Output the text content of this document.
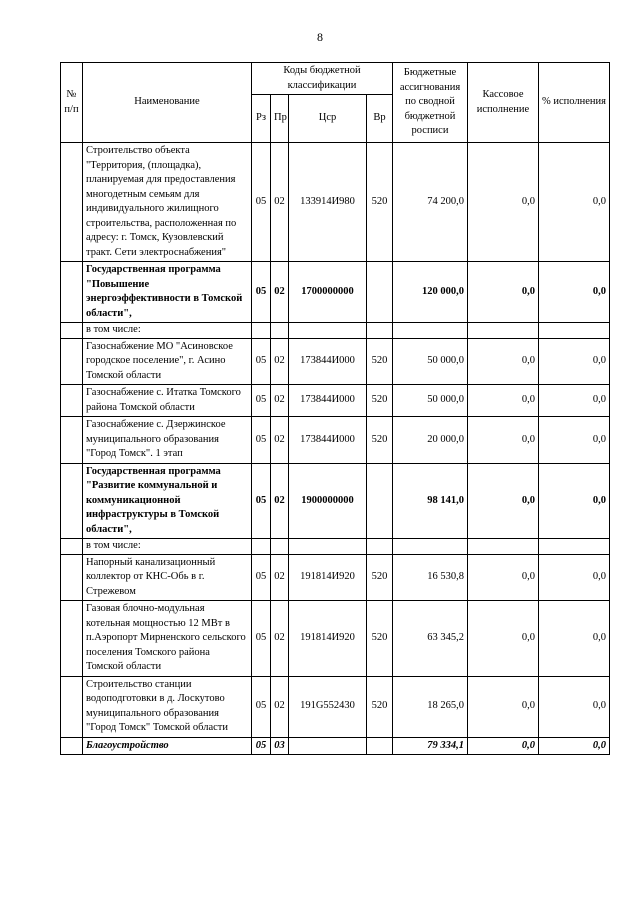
8
№ п/п	Наименование	Коды бюджетной классификации				Бюджетные ассигнования по сводной бюджетной росписи	Кассовое исполнение	% исполнения
		Рз	Пр	Цср	Вр			
	Строительство объекта "Территория, (площадка), планируемая для предоставления многодетным семьям для индивидуального жилищного строительства, расположенная по адресу: г. Томск, Кузовлевский тракт. Сети электроснабжения"	05	02	133914И980	520	74 200,0	0,0	0,0
	Государственная программа "Повышение энергоэффективности в Томской области",	05	02	1700000000		120 000,0	0,0	0,0
	в том числе:							
	Газоснабжение МО "Асиновское городское поселение", г. Асино Томской области	05	02	173844И000	520	50 000,0	0,0	0,0
	Газоснабжение с. Итатка Томского района Томской области	05	02	173844И000	520	50 000,0	0,0	0,0
	Газоснабжение с. Дзержинское муниципального образования "Город Томск". 1 этап	05	02	173844И000	520	20 000,0	0,0	0,0
	Государственная программа "Развитие коммунальной и коммуникационной инфраструктуры в Томской области",	05	02	1900000000		98 141,0	0,0	0,0
	в том числе:							
	Напорный канализационный коллектор от КНС-Обь в г. Стрежевом	05	02	191814И920	520	16 530,8	0,0	0,0
	Газовая блочно-модульная котельная мощностью 12 МВт в п.Аэропорт Мирненского сельского поселения Томского района Томской области	05	02	191814И920	520	63 345,2	0,0	0,0
	Строительство станции водоподготовки в д. Лоскутово муниципального образования "Город Томск" Томской области	05	02	191G552430	520	18 265,0	0,0	0,0
	Благоустройство	05	03			79 334,1	0,0	0,0
